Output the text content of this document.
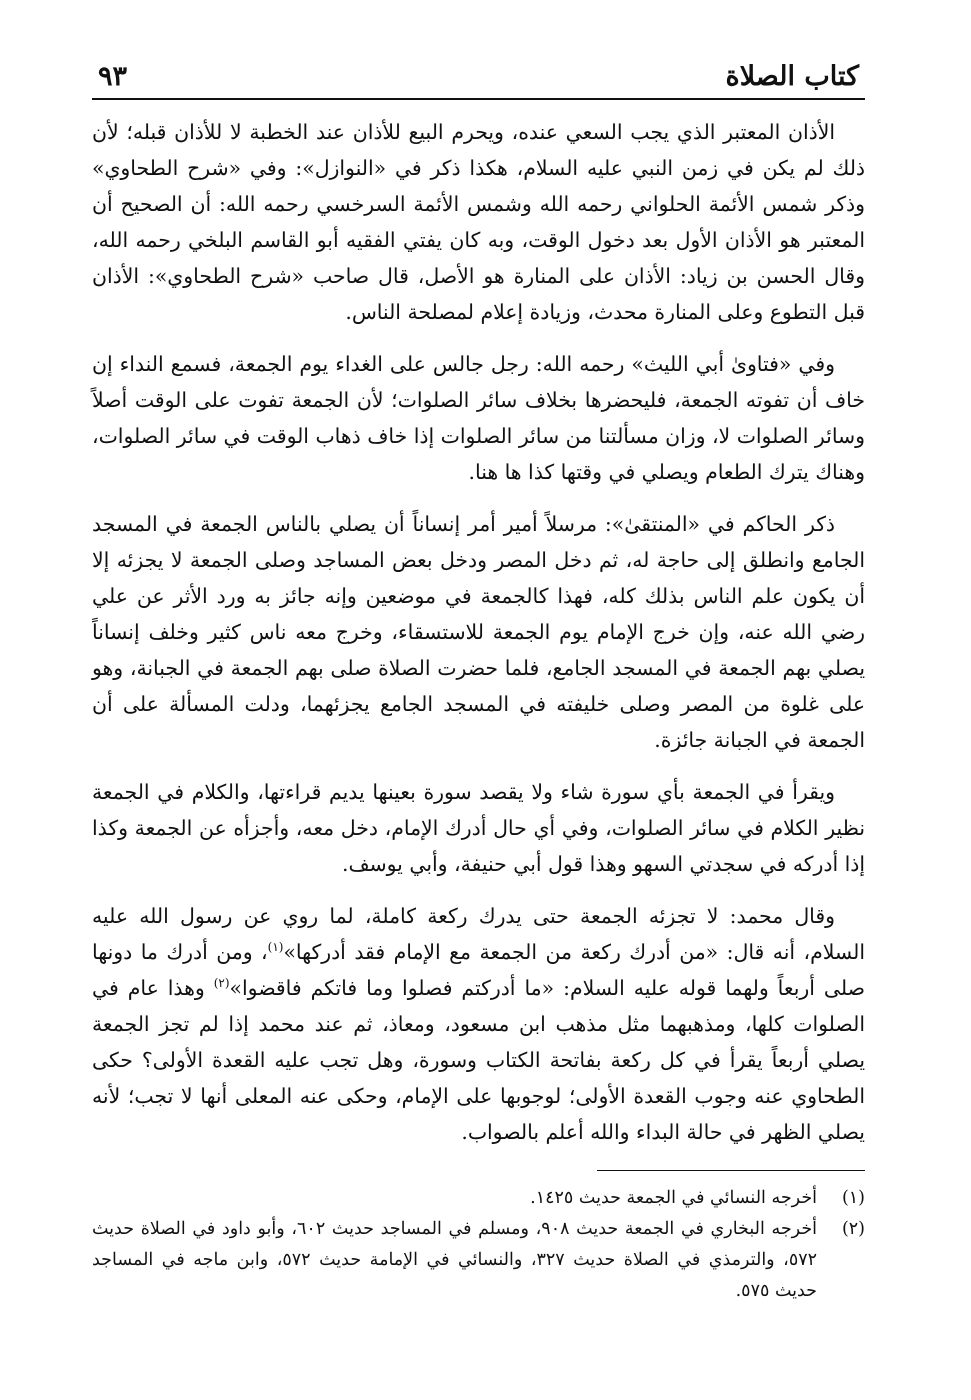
كتاب الصلاة
٩٣

الأذان المعتبر الذي يجب السعي عنده، ويحرم البيع للأذان عند الخطبة لا للأذان قبله؛ لأن ذلك لم يكن في زمن النبي عليه السلام، هكذا ذكر في «النوازل»: وفي «شرح الطحاوي» وذكر شمس الأئمة الحلواني رحمه الله وشمس الأئمة السرخسي رحمه الله: أن الصحيح أن المعتبر هو الأذان الأول بعد دخول الوقت، وبه كان يفتي الفقيه أبو القاسم البلخي رحمه الله، وقال الحسن بن زياد: الأذان على المنارة هو الأصل، قال صاحب «شرح الطحاوي»: الأذان قبل التطوع وعلى المنارة محدث، وزيادة إعلام لمصلحة الناس.

وفي «فتاوىٰ أبي الليث» رحمه الله: رجل جالس على الغداء يوم الجمعة، فسمع النداء إن خاف أن تفوته الجمعة، فليحضرها بخلاف سائر الصلوات؛ لأن الجمعة تفوت على الوقت أصلاً وسائر الصلوات لا، وزان مسألتنا من سائر الصلوات إذا خاف ذهاب الوقت في سائر الصلوات، وهناك يترك الطعام ويصلي في وقتها كذا ها هنا.

ذكر الحاكم في «المنتقىٰ»: مرسلاً أمير أمر إنساناً أن يصلي بالناس الجمعة في المسجد الجامع وانطلق إلى حاجة له، ثم دخل المصر ودخل بعض المساجد وصلى الجمعة لا يجزئه إلا أن يكون علم الناس بذلك كله، فهذا كالجمعة في موضعين وإنه جائز به ورد الأثر عن علي رضي الله عنه، وإن خرج الإمام يوم الجمعة للاستسقاء، وخرج معه ناس كثير وخلف إنساناً يصلي بهم الجمعة في المسجد الجامع، فلما حضرت الصلاة صلى بهم الجمعة في الجبانة، وهو على غلوة من المصر وصلى خليفته في المسجد الجامع يجزئهما، ودلت المسألة على أن الجمعة في الجبانة جائزة.

ويقرأ في الجمعة بأي سورة شاء ولا يقصد سورة بعينها يديم قراءتها، والكلام في الجمعة نظير الكلام في سائر الصلوات، وفي أي حال أدرك الإمام، دخل معه، وأجزأه عن الجمعة وكذا إذا أدركه في سجدتي السهو وهذا قول أبي حنيفة، وأبي يوسف.

وقال محمد: لا تجزئه الجمعة حتى يدرك ركعة كاملة، لما روي عن رسول الله عليه السلام، أنه قال: «من أدرك ركعة من الجمعة مع الإمام فقد أدركها»$^{(١)}$، ومن أدرك ما دونها صلى أربعاً ولهما قوله عليه السلام: «ما أدركتم فصلوا وما فاتكم فاقضوا»$^{(٢)}$ وهذا عام في الصلوات كلها، ومذهبهما مثل مذهب ابن مسعود، ومعاذ، ثم عند محمد إذا لم تجز الجمعة يصلي أربعاً يقرأ في كل ركعة بفاتحة الكتاب وسورة، وهل تجب عليه القعدة الأولى؟ حكى الطحاوي عنه وجوب القعدة الأولى؛ لوجوبها على الإمام، وحكى عنه المعلى أنها لا تجب؛ لأنه يصلي الظهر في حالة البداء والله أعلم بالصواب.

(١)
أخرجه النسائي في الجمعة حديث ١٤٢٥.
(٢)
أخرجه البخاري في الجمعة حديث ٩٠٨، ومسلم في المساجد حديث ٦٠٢، وأبو داود في الصلاة حديث ٥٧٢، والترمذي في الصلاة حديث ٣٢٧، والنسائي في الإمامة حديث ٥٧٢، وابن ماجه في المساجد حديث ٥٧٥.
